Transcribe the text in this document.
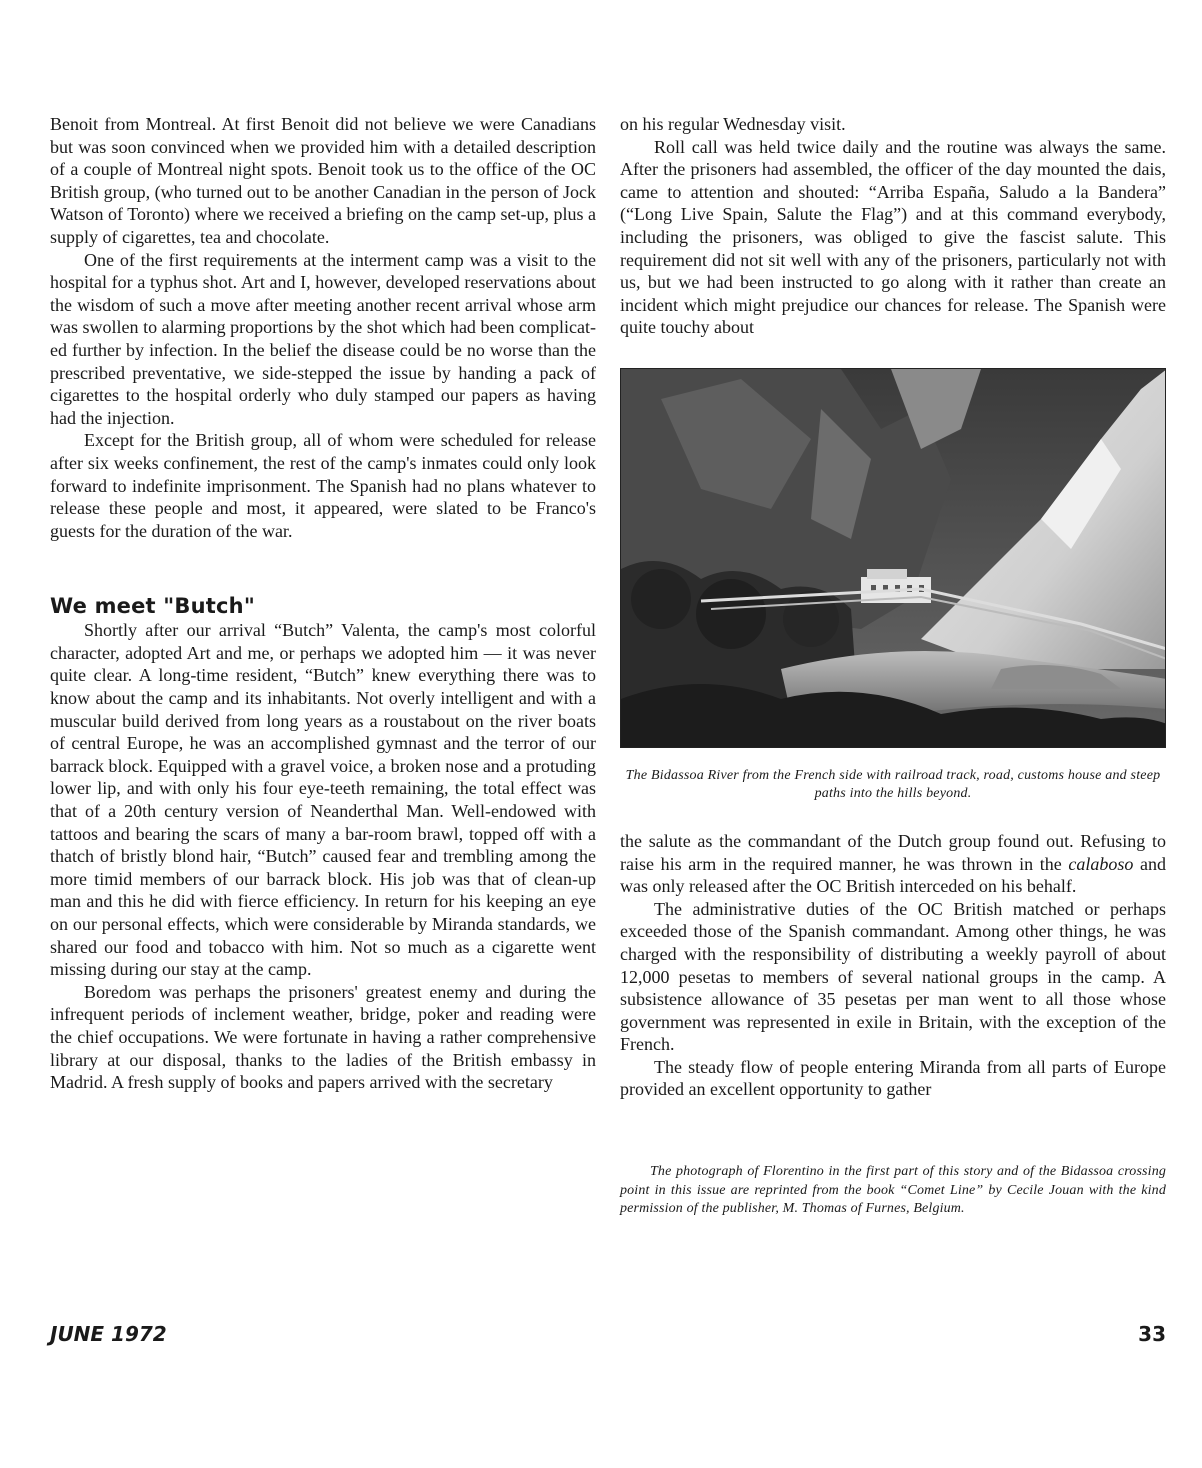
Benoit from Montreal. At first Benoit did not believe we were Canadians but was soon convinced when we provided him with a detailed description of a couple of Montreal night spots. Benoit took us to the office of the OC British group, (who turned out to be another Canadian in the person of Jock Watson of Toronto) where we received a briefing on the camp set-up, plus a supply of cigarettes, tea and chocolate.

One of the first requirements at the interment camp was a visit to the hospital for a typhus shot. Art and I, however, developed reservations about the wisdom of such a move after meeting another recent arrival whose arm was swollen to alarming proportions by the shot which had been complicated further by infection. In the belief the disease could be no worse than the prescribed preventative, we side-stepped the issue by handing a pack of cigarettes to the hospital orderly who duly stamped our papers as having had the injection.

Except for the British group, all of whom were scheduled for release after six weeks confinement, the rest of the camp's inmates could only look forward to indefinite imprisonment. The Spanish had no plans whatever to release these people and most, it appeared, were slated to be Franco's guests for the duration of the war.

We meet "Butch"

Shortly after our arrival “Butch” Valenta, the camp's most colorful character, adopted Art and me, or perhaps we adopted him — it was never quite clear. A long-time resident, “Butch” knew everything there was to know about the camp and its inhabitants. Not overly intelligent and with a muscular build derived from long years as a roustabout on the river boats of central Europe, he was an accomplished gymnast and the terror of our barrack block. Equipped with a gravel voice, a broken nose and a protuding lower lip, and with only his four eye-teeth remaining, the total effect was that of a 20th century version of Neanderthal Man. Well-endowed with tattoos and bearing the scars of many a bar-room brawl, topped off with a thatch of bristly blond hair, “Butch” caused fear and trembling among the more timid members of our barrack block. His job was that of clean-up man and this he did with fierce efficiency. In return for his keeping an eye on our personal effects, which were considerable by Miranda standards, we shared our food and tobacco with him. Not so much as a cigarette went missing during our stay at the camp.

Boredom was perhaps the prisoners' greatest enemy and during the infrequent periods of inclement weather, bridge, poker and reading were the chief occupations. We were fortunate in having a rather comprehensive library at our disposal, thanks to the ladies of the British embassy in Madrid. A fresh supply of books and papers arrived with the secretary

on his regular Wednesday visit.

Roll call was held twice daily and the routine was always the same. After the prisoners had assembled, the officer of the day mounted the dais, came to attention and shouted: “Arriba España, Saludo a la Bandera” (“Long Live Spain, Salute the Flag”) and at this command everybody, including the prisoners, was obliged to give the fascist salute. This requirement did not sit well with any of the prisoners, particularly not with us, but we had been instructed to go along with it rather than create an incident which might prejudice our chances for release. The Spanish were quite touchy about

The Bidassoa River from the French side with railroad track, road, customs house and steep paths into the hills beyond.

the salute as the commandant of the Dutch group found out. Refusing to raise his arm in the required manner, he was thrown in the calaboso and was only released after the OC British interceded on his behalf.

The administrative duties of the OC British matched or perhaps exceeded those of the Spanish commandant. Among other things, he was charged with the responsibility of distributing a weekly payroll of about 12,000 pesetas to members of several national groups in the camp. A subsistence allowance of 35 pesetas per man went to all those whose government was represented in exile in Britain, with the exception of the French.

The steady flow of people entering Miranda from all parts of Europe provided an excellent opportunity to gather

The photograph of Florentino in the first part of this story and of the Bidassoa crossing point in this issue are reprinted from the book “Comet Line” by Cecile Jouan with the kind permission of the publisher, M. Thomas of Furnes, Belgium.
JUNE 1972	33
